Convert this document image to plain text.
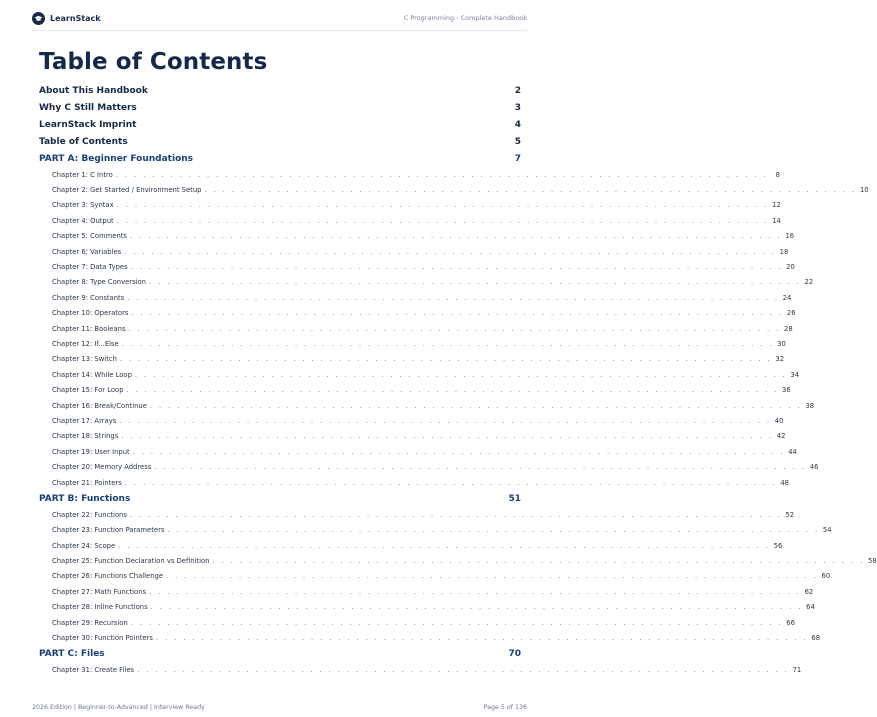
LearnStack	C Programming - Complete Handbook
Table of Contents
About This Handbook	2
Why C Still Matters	3
LearnStack Imprint	4
Table of Contents	5
PART A: Beginner Foundations	7
Chapter 1: C Intro . . . . . . . . . . . . . . . . . . . . . . . . . . . . . . . . . . . . . . . . . . . . . . . . . . . . . . . . . . . . . . . . . . . . . . . .	8
Chapter 2: Get Started / Environment Setup . . . . . . . . . . . . . . . . . . . . . . . . . . . . . . . . . . . . . . . . . . . . . . . . . . . . . . . . . . . . . . . . . . . . . . . . 10
Chapter 3: Syntax . . . . . . . . . . . . . . . . . . . . . . . . . . . . . . . . . . . . . . . . . . . . . . . . . . . . . . . . . . . . . . . . . . . . . . . . 12
Chapter 4: Output . . . . . . . . . . . . . . . . . . . . . . . . . . . . . . . . . . . . . . . . . . . . . . . . . . . . . . . . . . . . . . . . . . . . . . . . 14
Chapter 5: Comments . . . . . . . . . . . . . . . . . . . . . . . . . . . . . . . . . . . . . . . . . . . . . . . . . . . . . . . . . . . . . . . . . . . . . . . . 16
Chapter 6: Variables . . . . . . . . . . . . . . . . . . . . . . . . . . . . . . . . . . . . . . . . . . . . . . . . . . . . . . . . . . . . . . . . . . . . . . . . 18
Chapter 7: Data Types . . . . . . . . . . . . . . . . . . . . . . . . . . . . . . . . . . . . . . . . . . . . . . . . . . . . . . . . . . . . . . . . . . . . . . . . 20
Chapter 8: Type Conversion . . . . . . . . . . . . . . . . . . . . . . . . . . . . . . . . . . . . . . . . . . . . . . . . . . . . . . . . . . . . . . . . . . . . . . . . 22
Chapter 9: Constants . . . . . . . . . . . . . . . . . . . . . . . . . . . . . . . . . . . . . . . . . . . . . . . . . . . . . . . . . . . . . . . . . . . . . . . . 24
Chapter 10: Operators . . . . . . . . . . . . . . . . . . . . . . . . . . . . . . . . . . . . . . . . . . . . . . . . . . . . . . . . . . . . . . . . . . . . . . . . 26
Chapter 11: Booleans . . . . . . . . . . . . . . . . . . . . . . . . . . . . . . . . . . . . . . . . . . . . . . . . . . . . . . . . . . . . . . . . . . . . . . . . 28
Chapter 12: If...Else . . . . . . . . . . . . . . . . . . . . . . . . . . . . . . . . . . . . . . . . . . . . . . . . . . . . . . . . . . . . . . . . . . . . . . . . 30
Chapter 13: Switch . . . . . . . . . . . . . . . . . . . . . . . . . . . . . . . . . . . . . . . . . . . . . . . . . . . . . . . . . . . . . . . . . . . . . . . . 32
Chapter 14: While Loop . . . . . . . . . . . . . . . . . . . . . . . . . . . . . . . . . . . . . . . . . . . . . . . . . . . . . . . . . . . . . . . . . . . . . . . . 34
Chapter 15: For Loop . . . . . . . . . . . . . . . . . . . . . . . . . . . . . . . . . . . . . . . . . . . . . . . . . . . . . . . . . . . . . . . . . . . . . . . . 36
Chapter 16: Break/Continue . . . . . . . . . . . . . . . . . . . . . . . . . . . . . . . . . . . . . . . . . . . . . . . . . . . . . . . . . . . . . . . . . . . . . . . . 38
Chapter 17: Arrays . . . . . . . . . . . . . . . . . . . . . . . . . . . . . . . . . . . . . . . . . . . . . . . . . . . . . . . . . . . . . . . . . . . . . . . . 40
Chapter 18: Strings . . . . . . . . . . . . . . . . . . . . . . . . . . . . . . . . . . . . . . . . . . . . . . . . . . . . . . . . . . . . . . . . . . . . . . . . 42
Chapter 19: User Input . . . . . . . . . . . . . . . . . . . . . . . . . . . . . . . . . . . . . . . . . . . . . . . . . . . . . . . . . . . . . . . . . . . . . . . . 44
Chapter 20: Memory Address . . . . . . . . . . . . . . . . . . . . . . . . . . . . . . . . . . . . . . . . . . . . . . . . . . . . . . . . . . . . . . . . . . . . . . . . 46
Chapter 21: Pointers . . . . . . . . . . . . . . . . . . . . . . . . . . . . . . . . . . . . . . . . . . . . . . . . . . . . . . . . . . . . . . . . . . . . . . . . 48
PART B: Functions	51
Chapter 22: Functions . . . . . . . . . . . . . . . . . . . . . . . . . . . . . . . . . . . . . . . . . . . . . . . . . . . . . . . . . . . . . . . . . . . . . . . . 52
Chapter 23: Function Parameters . . . . . . . . . . . . . . . . . . . . . . . . . . . . . . . . . . . . . . . . . . . . . . . . . . . . . . . . . . . . . . . . . . . . . . . . 54
Chapter 24: Scope . . . . . . . . . . . . . . . . . . . . . . . . . . . . . . . . . . . . . . . . . . . . . . . . . . . . . . . . . . . . . . . . . . . . . . . . 56
Chapter 25: Function Declaration vs Definition . . . . . . . . . . . . . . . . . . . . . . . . . . . . . . . . . . . . . . . . . . . . . . . . . . . . . . . . . . . . . . . . . . . . . . . . 58
Chapter 26: Functions Challenge . . . . . . . . . . . . . . . . . . . . . . . . . . . . . . . . . . . . . . . . . . . . . . . . . . . . . . . . . . . . . . . . . . . . . . . . 60
Chapter 27: Math Functions . . . . . . . . . . . . . . . . . . . . . . . . . . . . . . . . . . . . . . . . . . . . . . . . . . . . . . . . . . . . . . . . . . . . . . . . 62
Chapter 28: Inline Functions . . . . . . . . . . . . . . . . . . . . . . . . . . . . . . . . . . . . . . . . . . . . . . . . . . . . . . . . . . . . . . . . . . . . . . . . 64
Chapter 29: Recursion . . . . . . . . . . . . . . . . . . . . . . . . . . . . . . . . . . . . . . . . . . . . . . . . . . . . . . . . . . . . . . . . . . . . . . . . 66
Chapter 30: Function Pointers . . . . . . . . . . . . . . . . . . . . . . . . . . . . . . . . . . . . . . . . . . . . . . . . . . . . . . . . . . . . . . . . . . . . . . . . 68
PART C: Files	70
Chapter 31: Create Files . . . . . . . . . . . . . . . . . . . . . . . . . . . . . . . . . . . . . . . . . . . . . . . . . . . . . . . . . . . . . . . . . . . . . . . . 71
2026 Edition | Beginner-to-Advanced | Interview Ready	Page 5 of 136
